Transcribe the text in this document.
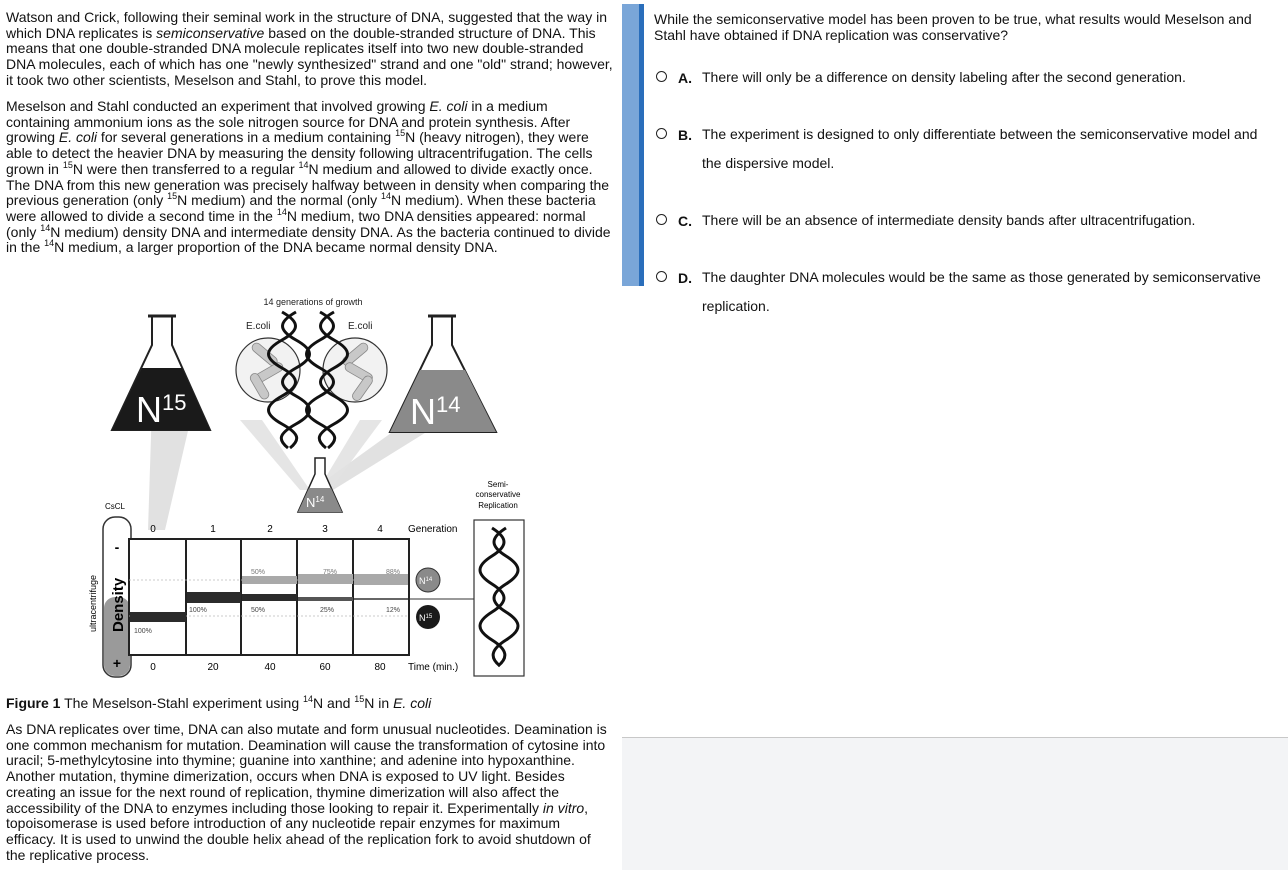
Watson and Crick, following their seminal work in the structure of DNA, suggested that the way in which DNA replicates is semiconservative based on the double-stranded structure of DNA. This means that one double-stranded DNA molecule replicates itself into two new double-stranded DNA molecules, each of which has one "newly synthesized" strand and one "old" strand; however, it took two other scientists, Meselson and Stahl, to prove this model.

Meselson and Stahl conducted an experiment that involved growing E. coli in a medium containing ammonium ions as the sole nitrogen source for DNA and protein synthesis. After growing E. coli for several generations in a medium containing $^{15}$N (heavy nitrogen), they were able to detect the heavier DNA by measuring the density following ultracentrifugation. The cells grown in $^{15}$N were then transferred to a regular $^{14}$N medium and allowed to divide exactly once. The DNA from this new generation was precisely halfway between in density when comparing the previous generation (only $^{15}$N medium) and the normal (only $^{14}$N medium). When these bacteria were allowed to divide a second time in the $^{14}$N medium, two DNA densities appeared: normal (only $^{14}$N medium) density DNA and intermediate density DNA. As the bacteria continued to divide in the $^{14}$N medium, a larger proportion of the DNA became normal density DNA.

14 generations of growth
$N^{15}$	$N^{14}$
E.coli	E.coli
$N^{14}$
Semi-
conservative
Replication
CsCL
0	1	2	3	4	Generation
0	20	40	60	80 Time (min.)
-
+
Density
ultracentrifuge	100%
100%
50%
50%
75%
25%
88%
12%
$N^{14}$
$N^{15}$

Figure 1 The Meselson-Stahl experiment using $^{14}$N and $^{15}$N in E. coli

As DNA replicates over time, DNA can also mutate and form unusual nucleotides. Deamination is one common mechanism for mutation. Deamination will cause the transformation of cytosine into uracil; 5-methylcytosine into thymine; guanine into xanthine; and adenine into hypoxanthine. Another mutation, thymine dimerization, occurs when DNA is exposed to UV light. Besides creating an issue for the next round of replication, thymine dimerization will also affect the accessibility of the DNA to enzymes including those looking to repair it. Experimentally in vitro, topoisomerase is used before introduction of any nucleotide repair enzymes for maximum efficacy. It is used to unwind the double helix ahead of the replication fork to avoid shutdown of the replicative process.

While the semiconservative model has been proven to be true, what results would Meselson and Stahl have obtained if DNA replication was conservative?

A. There will only be a difference on density labeling after the second generation.
B. The experiment is designed to only differentiate between the semiconservative model and the dispersive model.
C. There will be an absence of intermediate density bands after ultracentrifugation.
D. The daughter DNA molecules would be the same as those generated by semiconservative replication.
